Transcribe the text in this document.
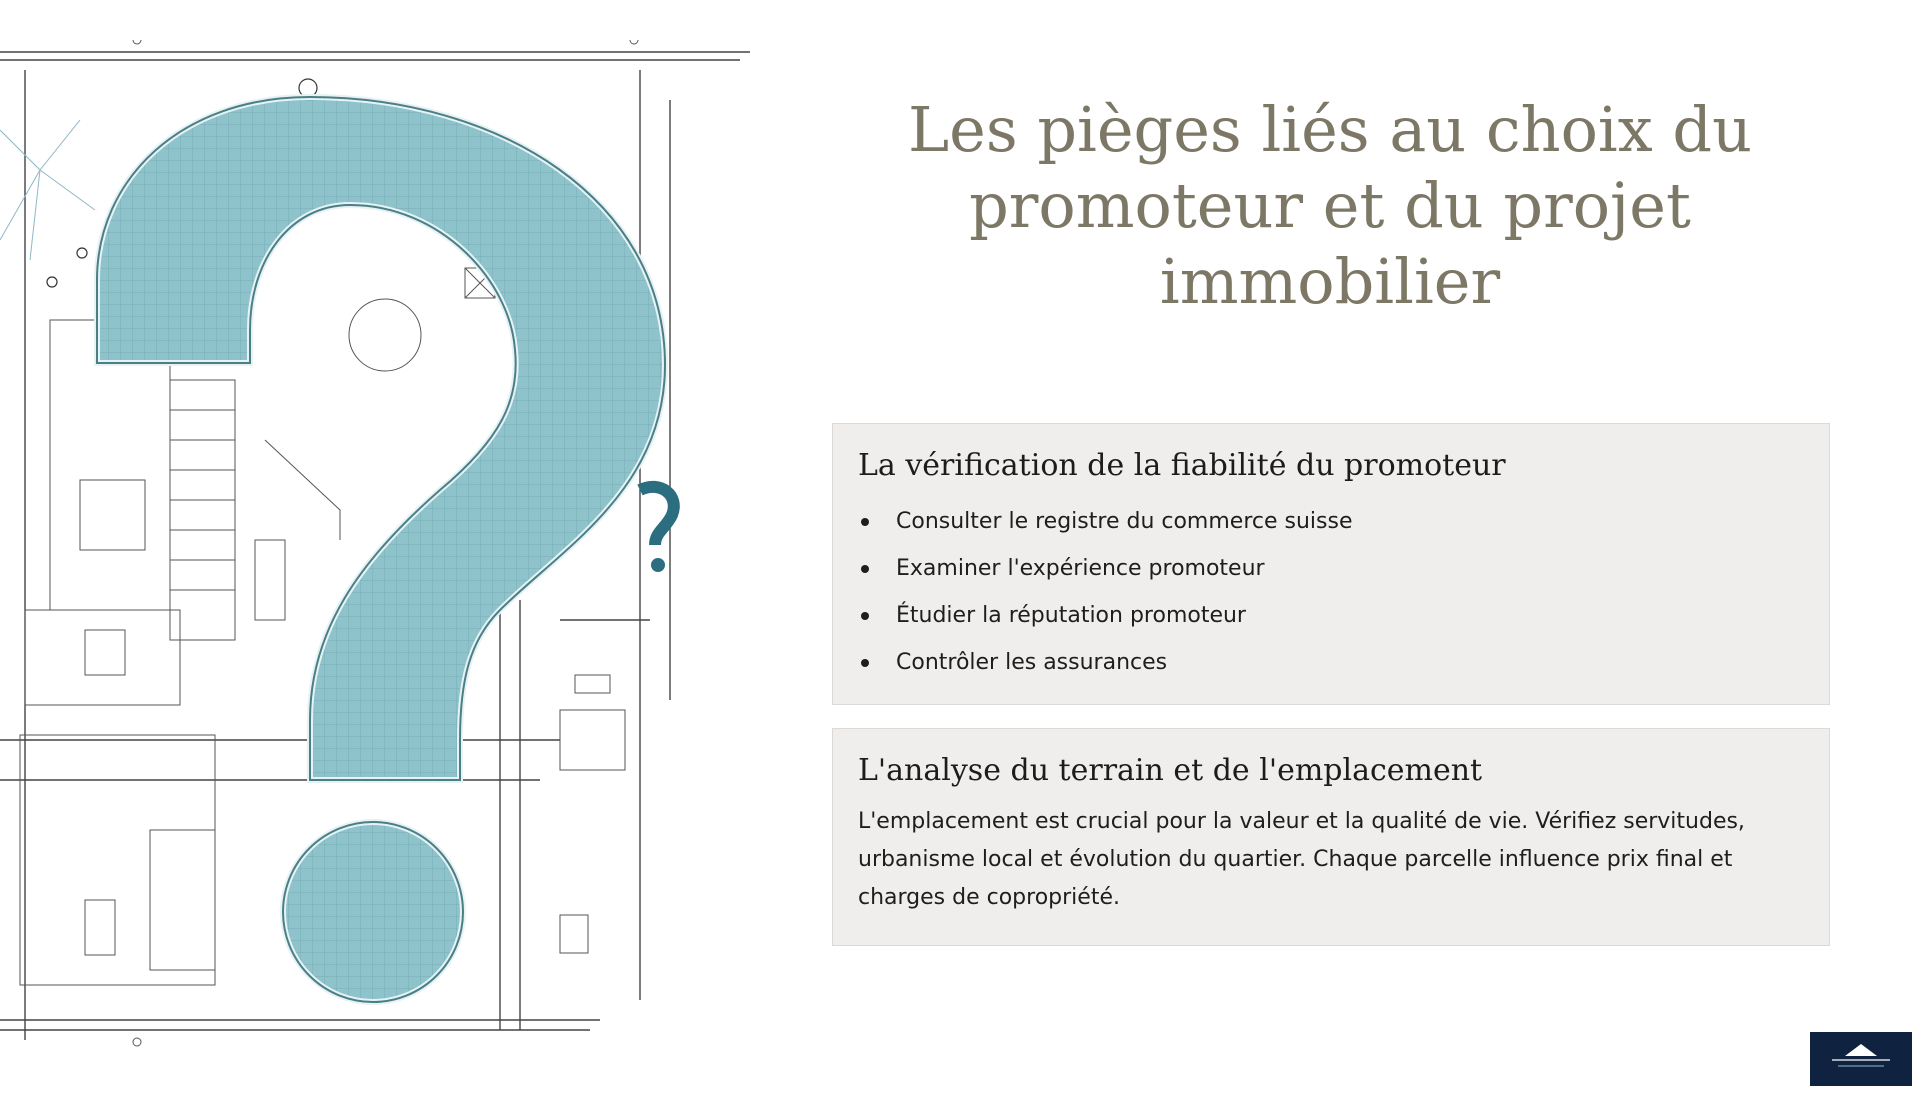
Les pièges liés au choix du promoteur et du projet immobilier
La vérification de la fiabilité du promoteur
Consulter le registre du commerce suisse
Examiner l'expérience promoteur
Étudier la réputation promoteur
Contrôler les assurances
L'analyse du terrain et de l'emplacement

L'emplacement est crucial pour la valeur et la qualité de vie. Vérifiez servitudes, urbanisme local et évolution du quartier. Chaque parcelle influence prix final et charges de copropriété.
